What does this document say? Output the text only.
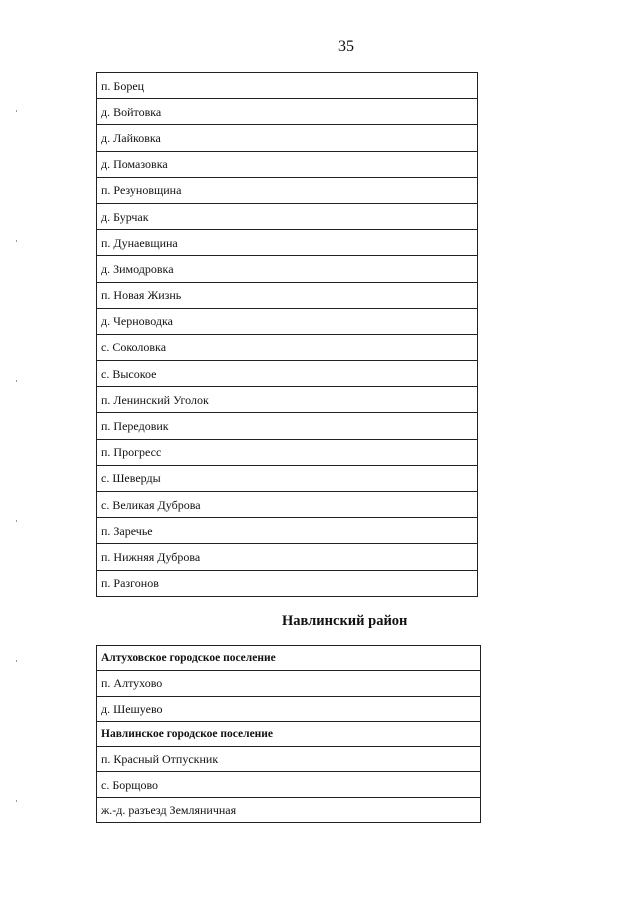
35
п. Борец
д. Войтовка
д. Лайковка
д. Помазовка
п. Резуновщина
д. Бурчак
п. Дунаевщина
д. Зимодровка
п. Новая Жизнь
д. Черноводка
с. Соколовка
с. Высокое
п. Ленинский Уголок
п. Передовик
п. Прогресс
с. Шеверды
с. Великая Дуброва
п. Заречье
п. Нижняя Дуброва
п. Разгонов
Навлинский район
Алтуховское городское поселение
п. Алтухово
д. Шешуево
Навлинское городское поселение
п. Красный Отпускник
с. Борщово
ж.-д. разъезд Земляничная
